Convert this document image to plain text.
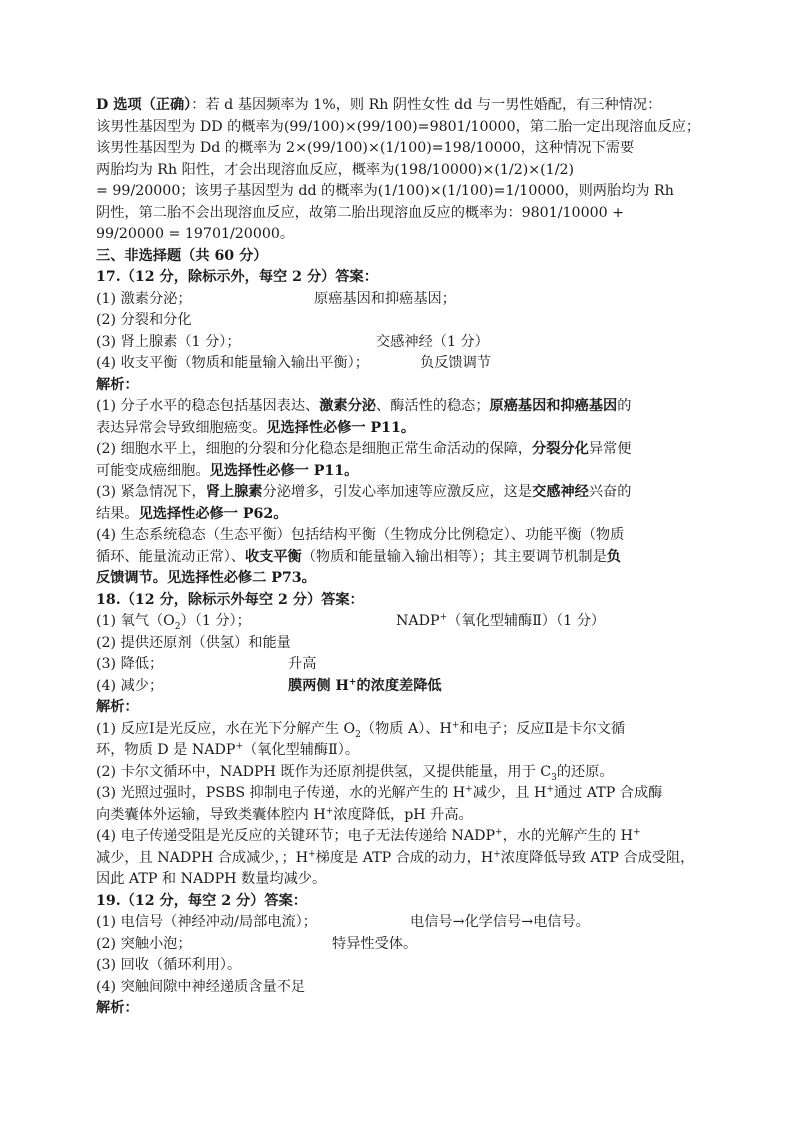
D 选项（正确）：若 d 基因频率为 1%，则 Rh 阴性女性 dd 与一男性婚配，有三种情况：
该男性基因型为 DD 的概率为(99/100)×(99/100)=9801/10000，第二胎一定出现溶血反应；
该男性基因型为 Dd 的概率为 2×(99/100)×(1/100)=198/10000，这种情况下需要
两胎均为 Rh 阳性，才会出现溶血反应，概率为(198/10000)×(1/2)×(1/2)
= 99/20000；该男子基因型为 dd 的概率为(1/100)×(1/100)=1/10000，则两胎均为 Rh
阴性，第二胎不会出现溶血反应，故第二胎出现溶血反应的概率为：9801/10000 +
99/20000 = 19701/20000。
三、非选择题（共 60 分）
17.（12 分，除标示外，每空 2 分）答案：
(1) 激素分泌；	原癌基因和抑癌基因；
(2) 分裂和分化
(3) 肾上腺素（1 分）；	交感神经（1 分）
(4) 收支平衡（物质和能量输入输出平衡）；	负反馈调节
解析：
(1) 分子水平的稳态包括基因表达、激素分泌、酶活性的稳态；原癌基因和抑癌基因的
表达异常会导致细胞癌变。见选择性必修一 P11。
(2) 细胞水平上，细胞的分裂和分化稳态是细胞正常生命活动的保障，分裂分化异常便
可能变成癌细胞。见选择性必修一 P11。
(3) 紧急情况下，肾上腺素分泌增多，引发心率加速等应激反应，这是交感神经兴奋的
结果。见选择性必修一 P62。
(4) 生态系统稳态（生态平衡）包括结构平衡（生物成分比例稳定）、功能平衡（物质
循环、能量流动正常）、收支平衡（物质和能量输入输出相等）；其主要调节机制是负
反馈调节。见选择性必修二 P73。
18.（12 分，除标示外每空 2 分）答案：
(1) 氧气$(O_2)(1$ 分）；	NADP+（氧化型辅酶Ⅱ）（1 分）
(2) 提供还原剂（供氢）和能量
(3) 降低；	升高
(4) 减少；	膜两侧 H+的浓度差降低
解析：
(1) 反应Ⅰ是光反应，水在光下分解产生 $O_2$（物质 A）、H+和电子；反应Ⅱ是卡尔文循
环，物质 D 是 NADP+（氧化型辅酶Ⅱ）。
(2) 卡尔文循环中，NADPH 既作为还原剂提供氢，又提供能量，用于 $C_3$的还原。
(3) 光照过强时，PSBS 抑制电子传递，水的光解产生的 H+减少，且 H+通过 ATP 合成酶
向类囊体外运输，导致类囊体腔内 H+浓度降低，pH 升高。
(4) 电子传递受阻是光反应的关键环节；电子无法传递给 NADP+，水的光解产生的 H+
减少，且 NADPH 合成减少，；H+梯度是 ATP 合成的动力，H+浓度降低导致 ATP 合成受阻，
因此 ATP 和 NADPH 数量均减少。
19.（12 分，每空 2 分）答案：
(1) 电信号（神经冲动/局部电流）；	电信号→化学信号→电信号。
(2) 突触小泡；	特异性受体。
(3) 回收（循环利用）。
(4) 突触间隙中神经递质含量不足
解析：
